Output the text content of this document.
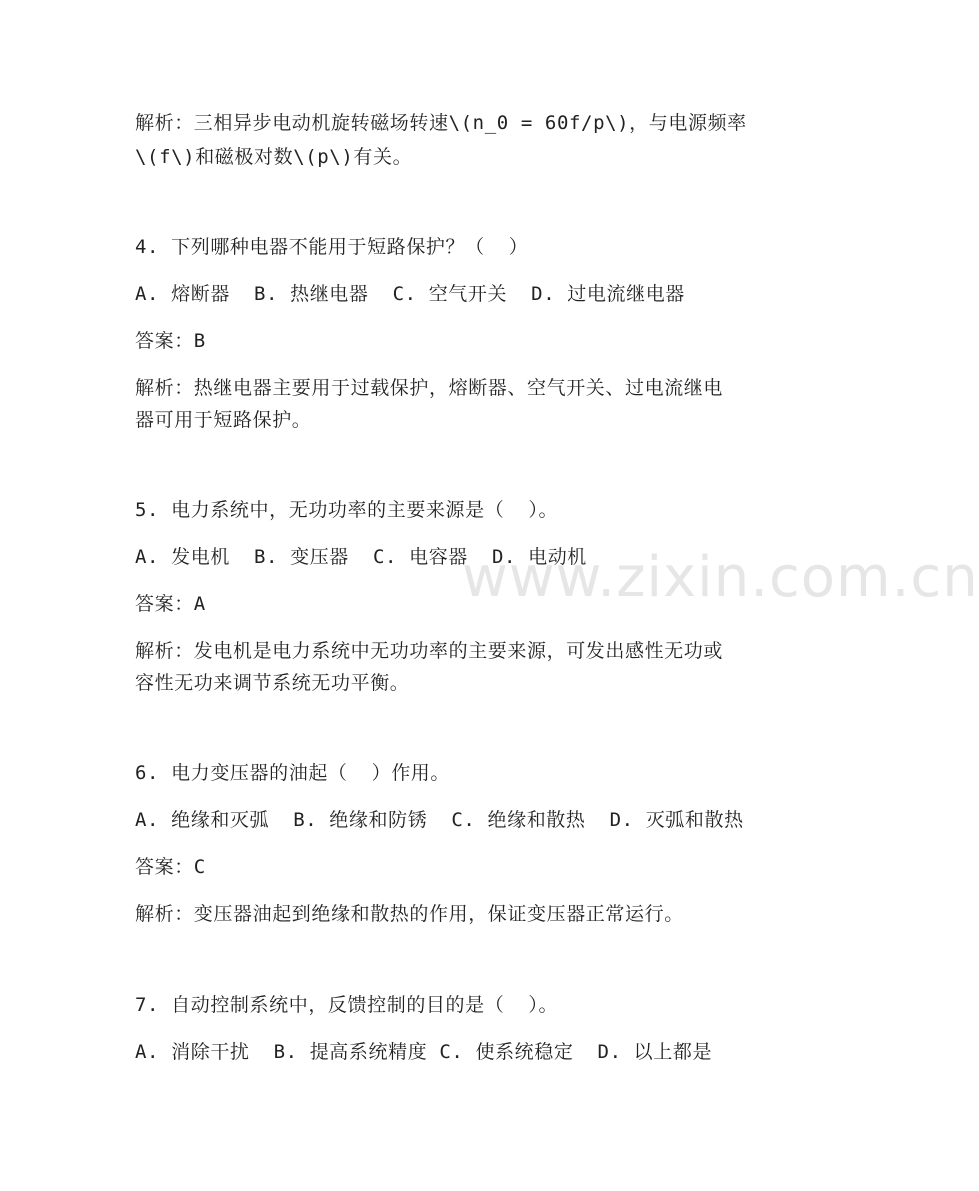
www.zixin.com.cn
解析：三相异步电动机旋转磁场转速\(n_0 = 60f/p\)，与电源频率
\(f\)和磁极对数\(p\)有关。
4. 下列哪种电器不能用于短路保护？（  ）
A. 熔断器  B. 热继电器  C. 空气开关  D. 过电流继电器
答案：B
解析：热继电器主要用于过载保护，熔断器、空气开关、过电流继电
器可用于短路保护。
5. 电力系统中，无功功率的主要来源是（  ）。
A. 发电机  B. 变压器  C. 电容器  D. 电动机
答案：A
解析：发电机是电力系统中无功功率的主要来源，可发出感性无功或
容性无功来调节系统无功平衡。
6. 电力变压器的油起（  ）作用。
A. 绝缘和灭弧  B. 绝缘和防锈  C. 绝缘和散热  D. 灭弧和散热
答案：C
解析：变压器油起到绝缘和散热的作用，保证变压器正常运行。
7. 自动控制系统中，反馈控制的目的是（  ）。
A. 消除干扰  B. 提高系统精度 C. 使系统稳定  D. 以上都是
